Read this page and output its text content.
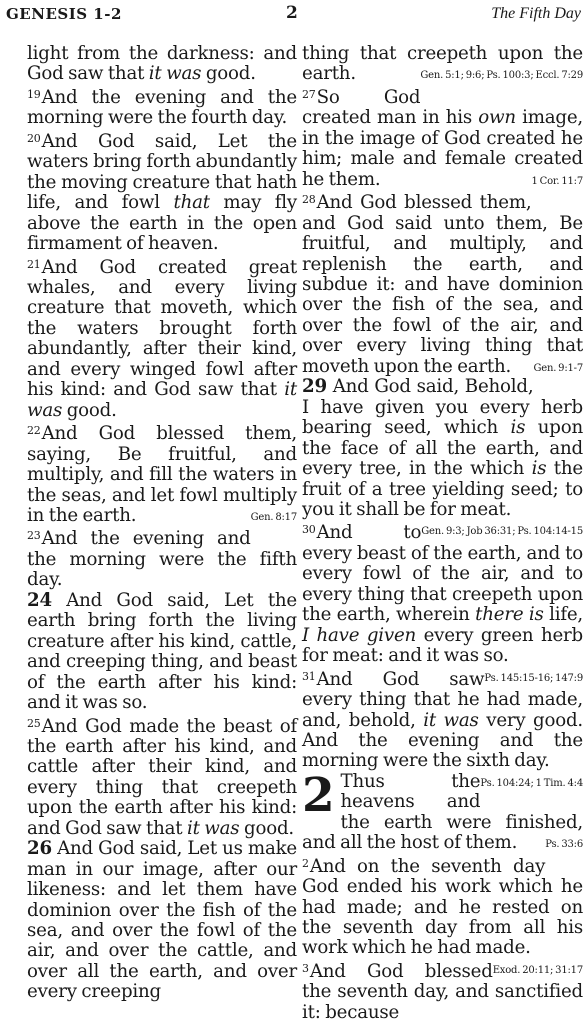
GENESIS 1-2	2	The Fifth Day

light from the darkness: and God saw that it was good.

$^{19}$And the evening and the morning were the fourth day.

$^{20}$And God said, Let the waters bring forth abundantly the moving creature that hath life, and fowl that may fly above the earth in the open firmament of heaven.

$^{21}$And God created great whales, and every living creature that moveth, which the waters brought forth abundantly, after their kind, and every winged fowl after his kind: and God saw that it was good.

$^{22}$And God blessed them, saying, Be fruitful, and multiply, and fill the waters in the seas, and let fowl multiply in the earth.	Gen. 8:17

$^{23}$And the evening and the morning were the fifth day.

24 And God said, Let the earth bring forth the living creature after his kind, cattle, and creeping thing, and beast of the earth after his kind: and it was so.

$^{25}$And God made the beast of the earth after his kind, and cattle after their kind, and every thing that creepeth upon the earth after his kind: and God saw that it was good.

26 And God said, Let us make man in our image, after our likeness: and let them have dominion over the fish of the sea, and over the fowl of the air, and over the cattle, and over all the earth, and over every creeping

thing that creepeth upon the earth.	Gen. 5:1; 9:6; Ps. 100:3; Eccl. 7:29

$^{27}$So God created man in his own image, in the image of God created he him; male and female created he them.	1 Cor. 11:7

$^{28}$And God blessed them, and God said unto them, Be fruitful, and multiply, and replenish the earth, and subdue it: and have dominion over the fish of the sea, and over the fowl of the air, and over every living thing that moveth upon the earth. Gen. 9:1-7

29 And God said, Behold, I have given you every herb bearing seed, which is upon the face of all the earth, and every tree, in the which is the fruit of a tree yielding seed; to you it shall be for meat.
Gen. 9:3; Job 36:31; Ps. 104:14-15

$^{30}$And to every beast of the earth, and to every fowl of the air, and to every thing that creepeth upon the earth, wherein there is life, I have given every green herb for meat: and it was so.
Ps. 145:15-16; 147:9

$^{31}$And God saw every thing that he had made, and, behold, it was very good. And the evening and the morning were the sixth day.
Ps. 104:24; 1 Tim. 4:4

2 Thus the heavens and the earth were finished, and all the host of them.	Ps. 33:6

$^2$And on the seventh day God ended his work which he had made; and he rested on the seventh day from all his work which he had made.
Exod. 20:11; 31:17

$^3$And God blessed the seventh day, and sanctified it: because
